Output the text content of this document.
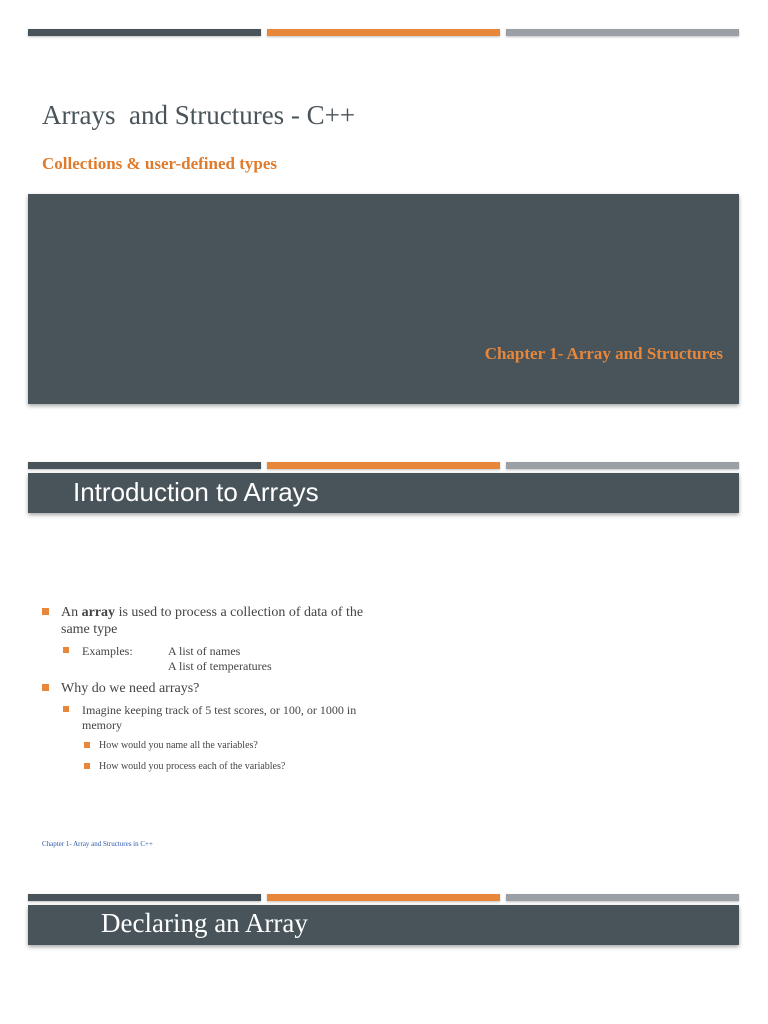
Arrays  and Structures - C++
Collections & user-defined types
Chapter 1- Array and Structures
Introduction to Arrays
An array is used to process a collection of data of the same type
Examples:	A list of names
A list of temperatures
Why do we need arrays?
Imagine keeping track of 5 test scores, or 100, or 1000 in memory
How would you name all the variables?
How would you process each of the variables?
Chapter 1- Array and Structures in C++
Declaring an Array
